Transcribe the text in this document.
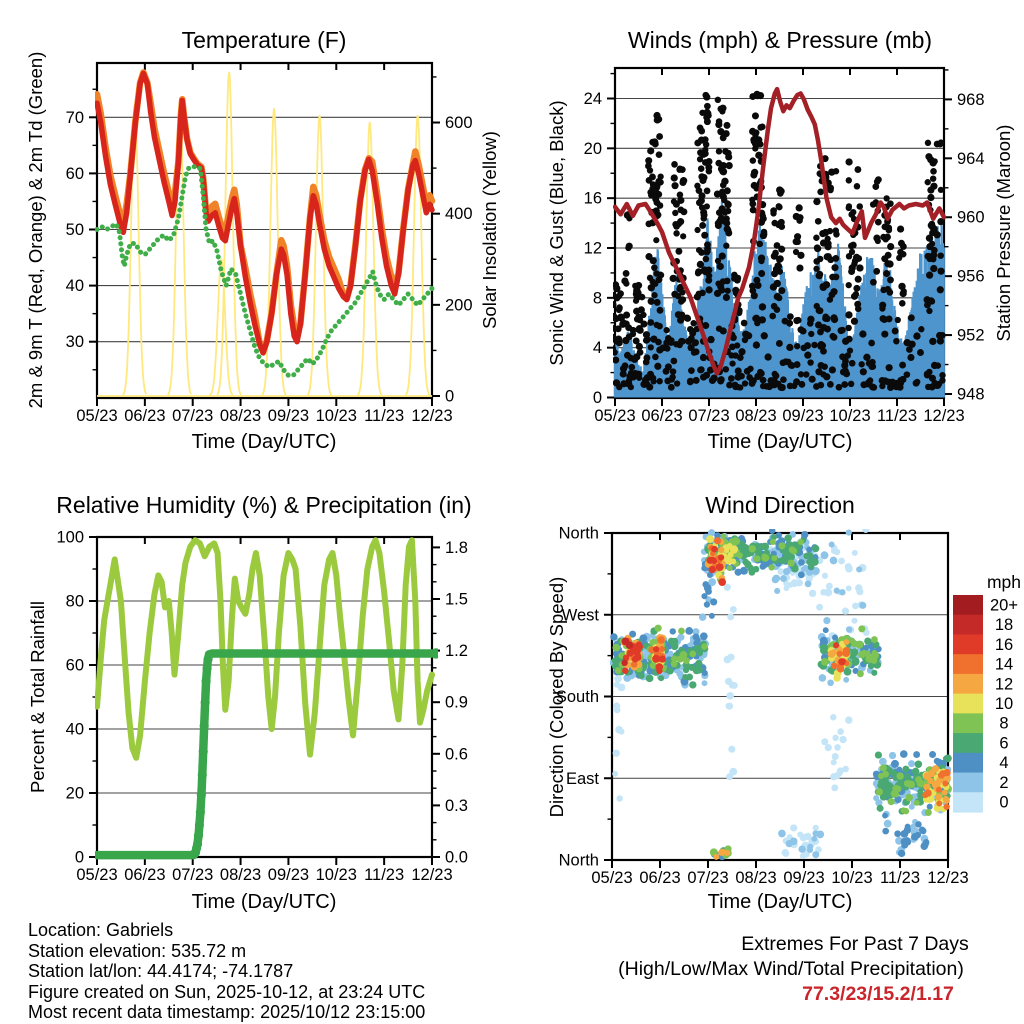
05/23 06/23 07/23 08/23 09/23 10/23 11/23 12/23
30
40
50
60
70
0
200
400
600
05/23 06/23 07/23 08/23 09/23 10/23 11/23 12/23
0
4
8
12
16
20
24
948
952
956
960
964
968
05/23 06/23 07/23 08/23 09/23 10/23 11/23 12/23
0
20
40
60
80
100
0.0
0.3
0.6
0.9
1.2
1.5
1.8
05/23 06/23 07/23 08/23 09/23 10/23 11/23 12/23
North
East
South
West
North
20+
18
16
14
12
10
8
6
4
2
0
Temperature (F)	Winds (mph) & Pressure (mb)
Relative Humidity (%) & Precipitation (in)	Wind Direction
Time (Day/UTC)	Time (Day/UTC)
Time (Day/UTC)	Time (Day/UTC)
2m & 9m T (Red, Orange) & 2m Td (Green)	Solar Insolation (Yellow) Sonic Wind & Gust (Blue, Black)	Station Pressure (Maroon)
Percent & Total Rainfall	Direction (Colored By Speed)	mph
Location: Gabriels
Station elevation: 535.72 m
Station lat/lon: 44.4174; -74.1787
Figure created on Sun, 2025-10-12, at 23:24 UTC
Most recent data timestamp: 2025/10/12 23:15:00
Extremes For Past 7 Days
(High/Low/Max Wind/Total Precipitation)
77.3/23/15.2/1.17
